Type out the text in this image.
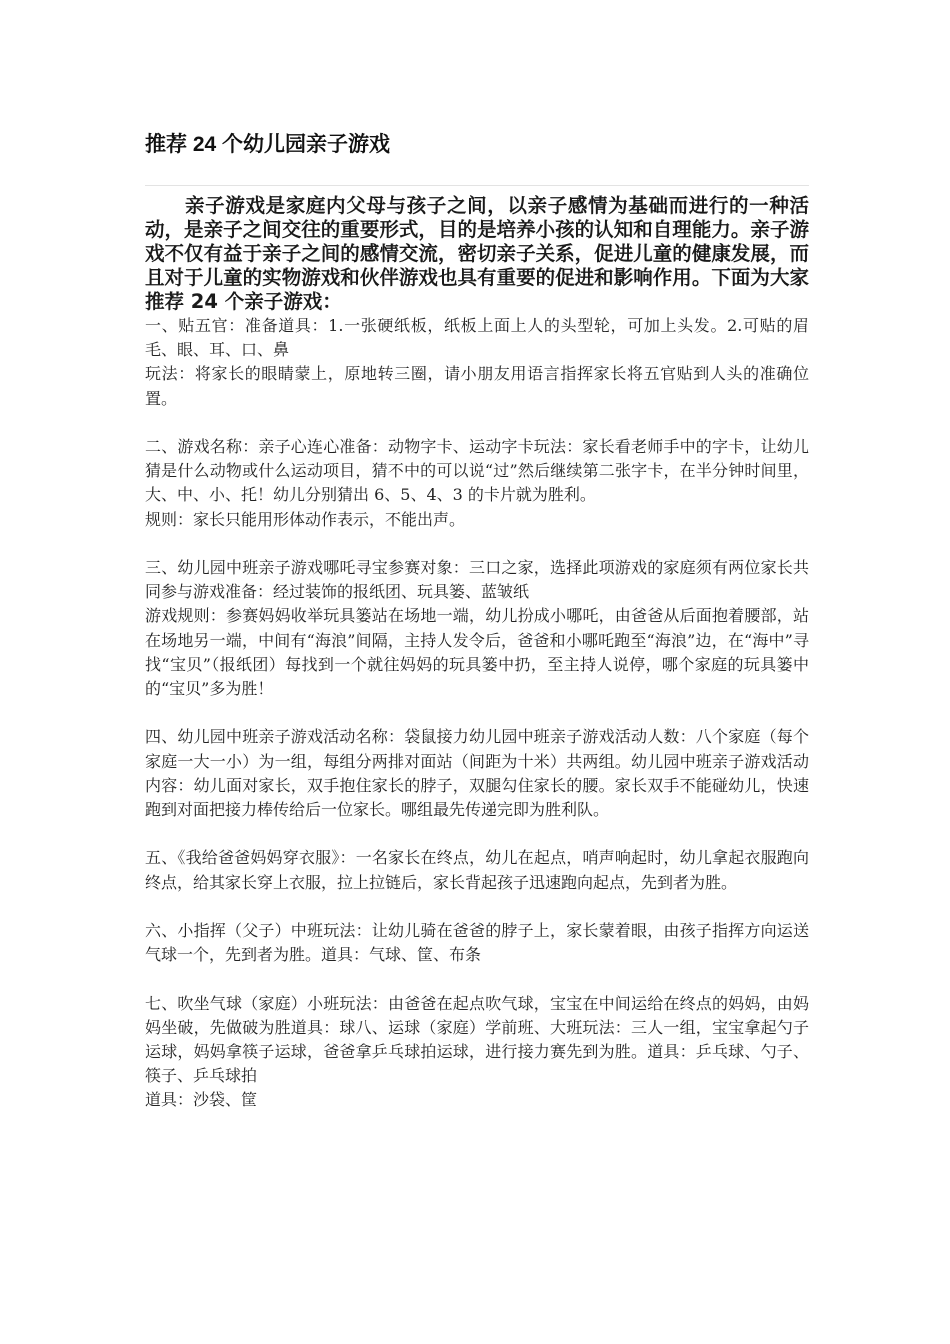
推荐 24 个幼儿园亲子游戏

亲子游戏是家庭内父母与孩子之间，以亲子感情为基础而进行的一种活动，是亲子之间交往的重要形式，目的是培养小孩的认知和自理能力。亲子游戏不仅有益于亲子之间的感情交流，密切亲子关系，促进儿童的健康发展，而且对于儿童的实物游戏和伙伴游戏也具有重要的促进和影响作用。下面为大家推荐 24 个亲子游戏：

一、贴五官：准备道具：1.一张硬纸板，纸板上面上人的头型轮，可加上头发。2.可贴的眉毛、眼、耳、口、鼻

玩法：将家长的眼睛蒙上，原地转三圈，请小朋友用语言指挥家长将五官贴到人头的准确位置。

二、游戏名称：亲子心连心准备：动物字卡、运动字卡玩法：家长看老师手中的字卡，让幼儿猜是什么动物或什么运动项目，猜不中的可以说“过”然后继续第二张字卡，在半分钟时间里，大、中、小、托！幼儿分别猜出 6、5、4、3 的卡片就为胜利。

规则：家长只能用形体动作表示，不能出声。

三、幼儿园中班亲子游戏哪吒寻宝参赛对象：三口之家，选择此项游戏的家庭须有两位家长共同参与游戏准备：经过装饰的报纸团、玩具篓、蓝皱纸

游戏规则：参赛妈妈收举玩具篓站在场地一端，幼儿扮成小哪吒，由爸爸从后面抱着腰部，站在场地另一端，中间有“海浪”间隔，主持人发令后，爸爸和小哪吒跑至“海浪”边，在“海中”寻找“宝贝”（报纸团）每找到一个就往妈妈的玩具篓中扔，至主持人说停，哪个家庭的玩具篓中的“宝贝”多为胜！

四、幼儿园中班亲子游戏活动名称：袋鼠接力幼儿园中班亲子游戏活动人数：八个家庭（每个家庭一大一小）为一组，每组分两排对面站（间距为十米）共两组。幼儿园中班亲子游戏活动内容：幼儿面对家长，双手抱住家长的脖子，双腿勾住家长的腰。家长双手不能碰幼儿，快速跑到对面把接力棒传给后一位家长。哪组最先传递完即为胜利队。

五、《我给爸爸妈妈穿衣服》：一名家长在终点，幼儿在起点，哨声响起时，幼儿拿起衣服跑向终点，给其家长穿上衣服，拉上拉链后，家长背起孩子迅速跑向起点，先到者为胜。

六、小指挥（父子）中班玩法：让幼儿骑在爸爸的脖子上，家长蒙着眼，由孩子指挥方向运送气球一个，先到者为胜。道具：气球、筐、布条

七、吹坐气球（家庭）小班玩法：由爸爸在起点吹气球，宝宝在中间运给在终点的妈妈，由妈妈坐破，先做破为胜道具：球八、运球（家庭）学前班、大班玩法：三人一组，宝宝拿起勺子运球，妈妈拿筷子运球，爸爸拿乒乓球拍运球，进行接力赛先到为胜。道具：乒乓球、勺子、筷子、乒乓球拍

道具：沙袋、筐
